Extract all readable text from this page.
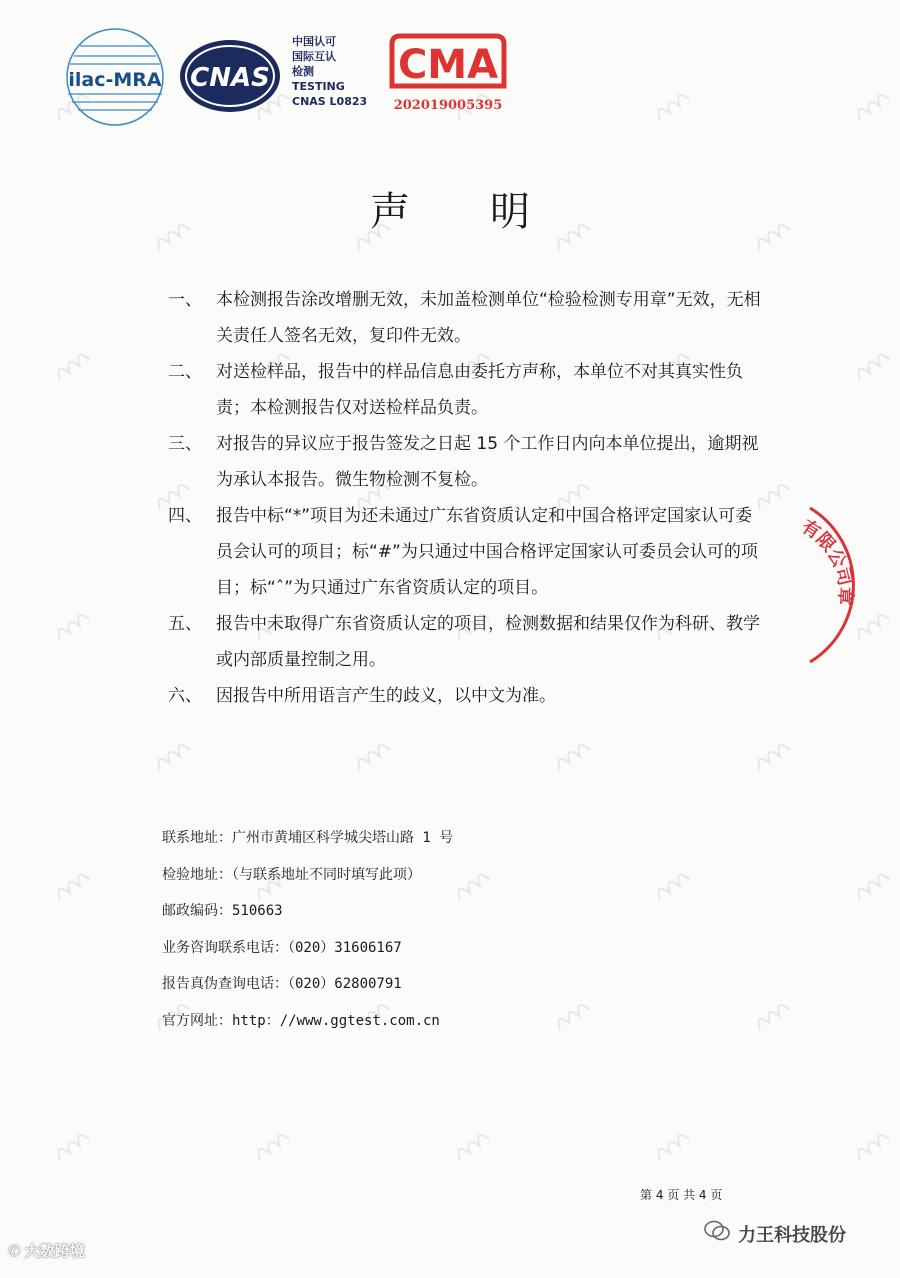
ilac-MRA CNAS
中国认可
国际互认
检测
TESTING
CNAS L0823
CMA
202019005395
声明
一、 本检测报告涂改增删无效，未加盖检测单位“检验检测专用章”无效，无相关责任人签名无效，复印件无效。
二、 对送检样品，报告中的样品信息由委托方声称，本单位不对其真实性负责；本检测报告仅对送检样品负责。
三、 对报告的异议应于报告签发之日起 15 个工作日内向本单位提出，逾期视为承认本报告。微生物检测不复检。
四、 报告中标“*”项目为还未通过广东省资质认定和中国合格评定国家认可委员会认可的项目；标“#”为只通过中国合格评定国家认可委员会认可的项目；标“ˆ”为只通过广东省资质认定的项目。
五、 报告中未取得广东省资质认定的项目，检测数据和结果仅作为科研、教学或内部质量控制之用。
六、 因报告中所用语言产生的歧义，以中文为准。
有限公司章
联系地址：广州市黄埔区科学城尖塔山路 1 号
检验地址：（与联系地址不同时填写此项）
邮政编码：510663
业务咨询联系电话：（020）31606167
报告真伪查询电话：（020）62800791
官方网址：http：//www.ggtest.com.cn
第 4 页 共 4 页
力王科技股份
✆ 大数跨境
